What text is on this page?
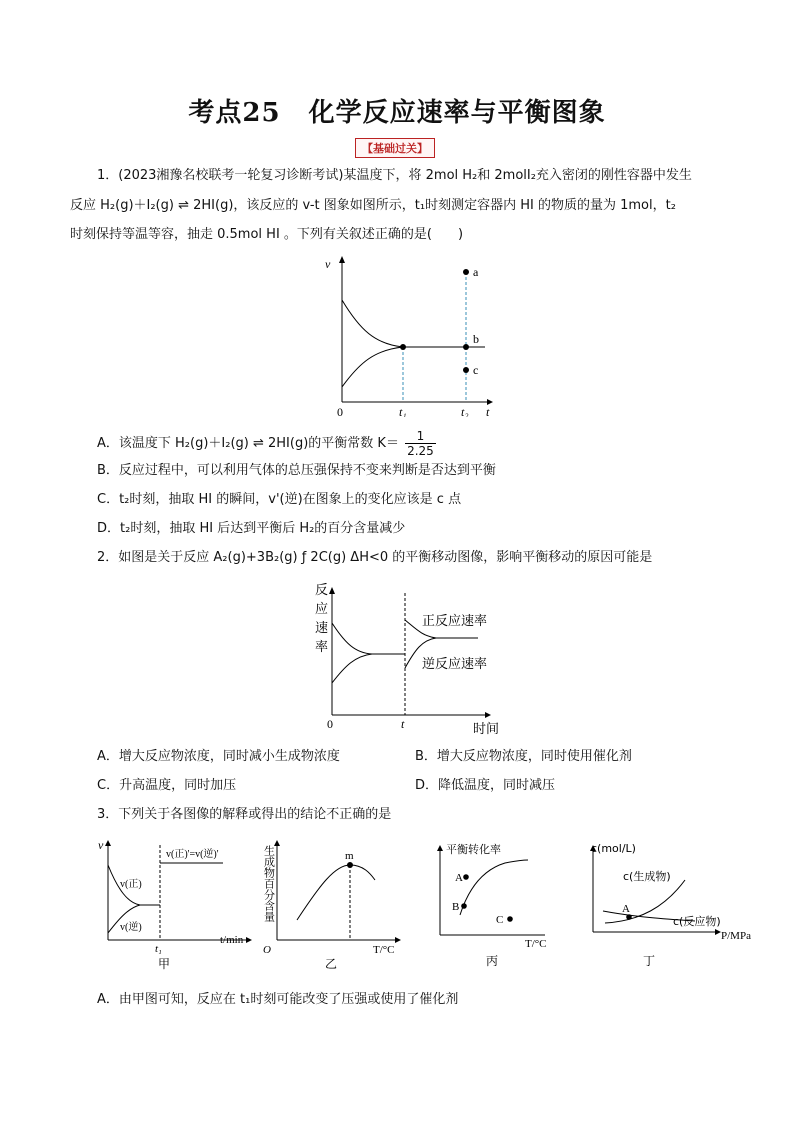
考点25 化学反应速率与平衡图象
【基础过关】
1．(2023湘豫名校联考一轮复习诊断考试)某温度下，将 2mol H₂和 2molI₂充入密闭的刚性容器中发生
反应 H₂(g)＋I₂(g) ⇌ 2HI(g)，该反应的 v-t 图象如图所示，t₁时刻测定容器内 HI 的物质的量为 1mol，t₂
时刻保持等温等容，抽走 0.5mol HI 。下列有关叙述正确的是(　　)
v
0	t₁	t₂ t
a
b
c
A．该温度下 H₂(g)＋I₂(g) ⇌ 2HI(g)的平衡常数 $K= \frac{1}{2.25}$
B．反应过程中，可以利用气体的总压强保持不变来判断是否达到平衡
C．t₂时刻，抽取 HI 的瞬间，v'(逆)在图象上的变化应该是 c 点
D．t₂时刻，抽取 HI 后达到平衡后 H₂的百分含量减少
2．如图是关于反应 A₂(g)+3B₂(g) ƒ 2C(g) ΔH<0 的平衡移动图像，影响平衡移动的原因可能是
反
应
速
率
正反应速率
逆反应速率
时间
0	t
A．增大反应物浓度，同时减小生成物浓度	B．增大反应物浓度，同时使用催化剂
C．升高温度，同时加压	D．降低温度，同时减压
3．下列关于各图像的解释或得出的结论不正确的是
v
v(正)
v(逆)
v(正)'=v(逆)'
t₁
t/min
甲
m
O	T/°C
生成物百分含量
乙
A
B
C
平衡转化率
T/°C
丙
A
c(mol/L)
c(生成物)
c(反应物)
P/MPa
丁
A．由甲图可知，反应在 t₁时刻可能改变了压强或使用了催化剂
